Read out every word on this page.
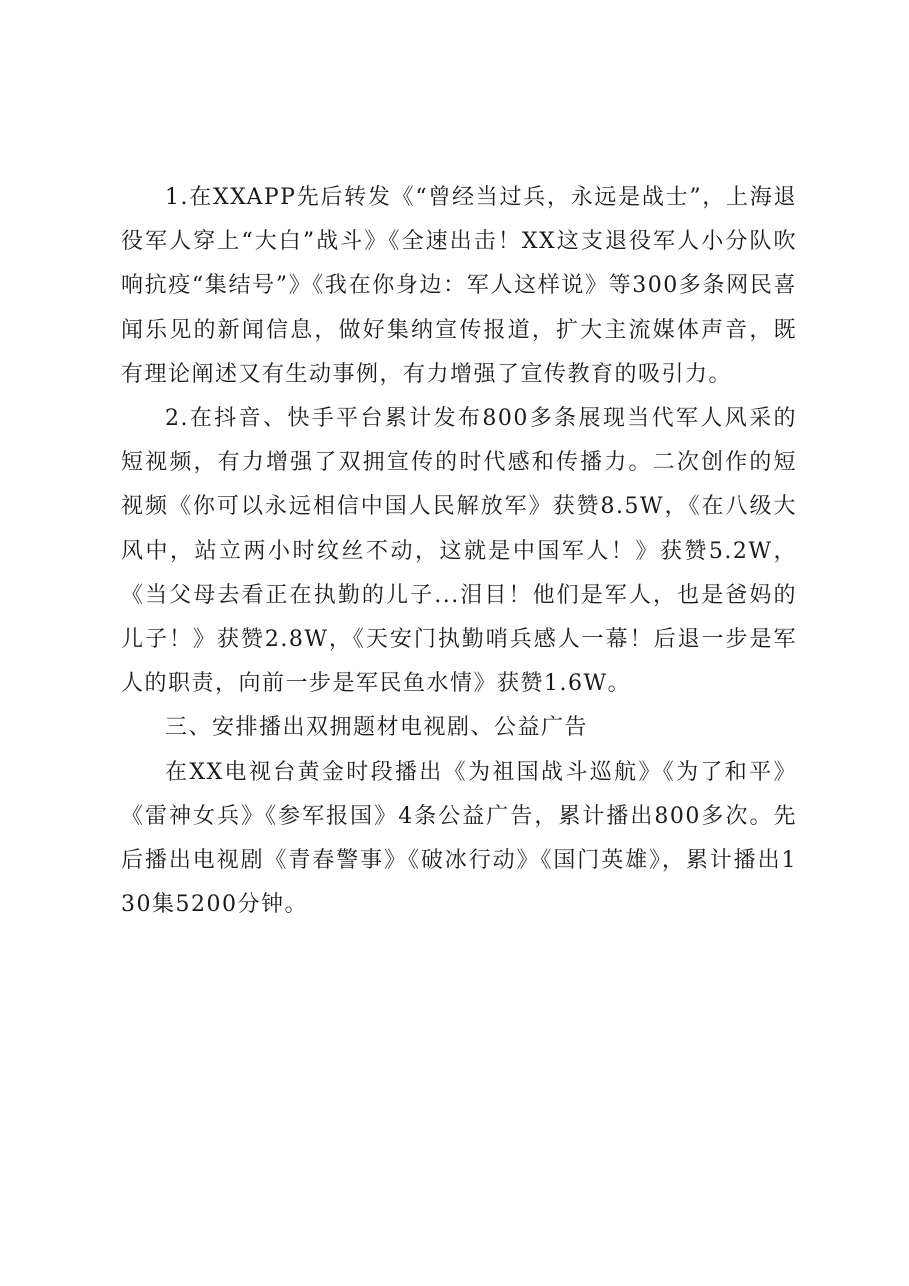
1.在XXAPP先后转发《“曾经当过兵，永远是战士”，上海退役军人穿上“大白”战斗》《全速出击！XX这支退役军人小分队吹响抗疫“集结号”》《我在你身边：军人这样说》等300多条网民喜闻乐见的新闻信息，做好集纳宣传报道，扩大主流媒体声音，既有理论阐述又有生动事例，有力增强了宣传教育的吸引力。

2.在抖音、快手平台累计发布800多条展现当代军人风采的短视频，有力增强了双拥宣传的时代感和传播力。二次创作的短视频《你可以永远相信中国人民解放军》获赞8.5W，《在八级大风中，站立两小时纹丝不动，这就是中国军人！》获赞5.2W，《当父母去看正在执勤的儿子...泪目！他们是军人，也是爸妈的儿子！》获赞2.8W，《天安门执勤哨兵感人一幕！后退一步是军人的职责，向前一步是军民鱼水情》获赞1.6W。

三、安排播出双拥题材电视剧、公益广告

在XX电视台黄金时段播出《为祖国战斗巡航》《为了和平》《雷神女兵》《参军报国》4条公益广告，累计播出800多次。先后播出电视剧《青春警事》《破冰行动》《国门英雄》，累计播出130集5200分钟。
